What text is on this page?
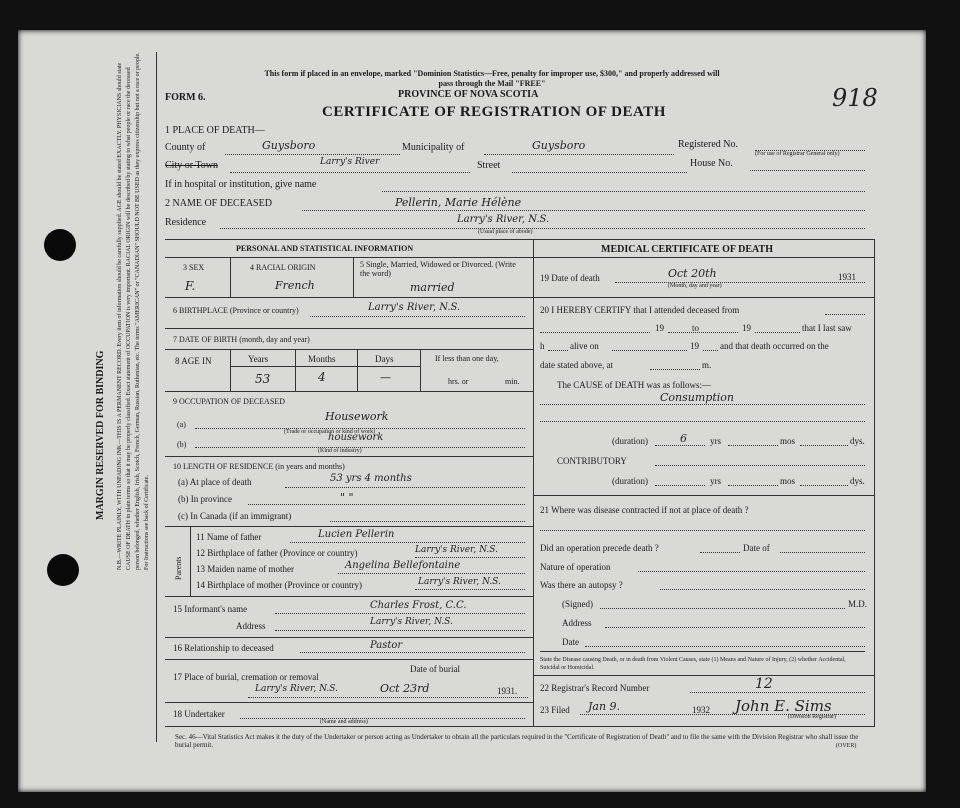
MARGIN RESERVED FOR BINDING N.B.—WRITE PLAINLY, WITH UNFADING INK—THIS IS A PERMANENT RECORD. Every item of information should be carefully supplied. AGE should be stated EXACTLY. PHYSICIANS should state CAUSE OF DEATH in plain terms so that it may be properly classified. Exact statement of OCCUPATION is very important. RACIAL ORIGIN will be described by stating to what people or race the deceased person belonged, whether English, Irish, Scotch, French, German, Russian, Ruthenian, etc. The terms "AMERICAN" or "CANADIAN" SHOULD NOT BE USED as they express citizenship but not a race or people. For Instructions see back of Certificate.
This form if placed in an envelope, marked "Dominion Statistics—Free, penalty for improper use, $300," and properly addressed will pass through the Mail "FREE"
PROVINCE OF NOVA SCOTIA
FORM 6.
CERTIFICATE OF REGISTRATION OF DEATH	918
1 PLACE OF DEATH—
County of	Guysboro	Municipality of	Guysboro	Registered No.
(For use of Registrar General only)
City or Town	Larry's River	Street	House No.
If in hospital or institution, give name
2 NAME OF DECEASED	Pellerin, Marie Hélène
Residence	Larry's River, N.S.
(Usual place of abode)
PERSONAL AND STATISTICAL INFORMATION
3 SEX
F.
4 RACIAL ORIGIN
French
5 Single, Married, Widowed or Divorced. (Write the word)
married
6 BIRTHPLACE (Province or country)	Larry's River, N.S.
7 DATE OF BIRTH (month, day and year)
8 AGE IN	Years	Months	Days
53	4	—
If less than one day,
hrs. or	min.
9 OCCUPATION OF DECEASED
(a)
Housework
(Trade or occupation or kind of work)
(b)
housework
(Kind of industry)
10 LENGTH OF RESIDENCE (in years and months)
(a) At place of death	53 yrs 4 months
(b) In province	" "
(c) In Canada (if an immigrant)
Parents
11 Name of father	Lucien Pellerin
12 Birthplace of father (Province or country)	Larry's River, N.S.
13 Maiden name of mother	Angelina Bellefontaine
14 Birthplace of mother (Province or country)	Larry's River, N.S.
15 Informant's name	Charles Frost, C.C.
Address	Larry's River, N.S.
16 Relationship to deceased	Pastor
17 Place of burial, cremation or removal
Date of burial
Larry's River, N.S.	Oct 23rd	1931.
18 Undertaker
(Name and address)
MEDICAL CERTIFICATE OF DEATH
19 Date of death	Oct 20th	1931
(Month, day and year)
20 I HEREBY CERTIFY that I attended deceased from
19	to	19	that I last saw
h	alive on	19 and that death occurred on the
date stated above, at	m.
The CAUSE of DEATH was as follows:—
Consumption
(duration)	6	yrs	mos	dys.
CONTRIBUTORY
(duration)	yrs	mos	dys.
21 Where was disease contracted if not at place of death ?
Did an operation precede death ?	Date of
Nature of operation
Was there an autopsy ?
(Signed)	M.D.
Address
Date
State the Disease causing Death, or in death from Violent Causes, state (1) Means and Nature of Injury, (2) whether Accidental, Suicidal or Homicidal.
22 Registrar's Record Number	12
23 Filed Jan 9.	1932 John E. Sims
(Division Registrar)
Sec. 46—Vital Statistics Act makes it the duty of the Undertaker or person acting as Undertaker to obtain all the particulars required in the "Certificate of Registration of Death" and to file the same with the Division Registrar who shall issue the burial permit.	(OVER)
